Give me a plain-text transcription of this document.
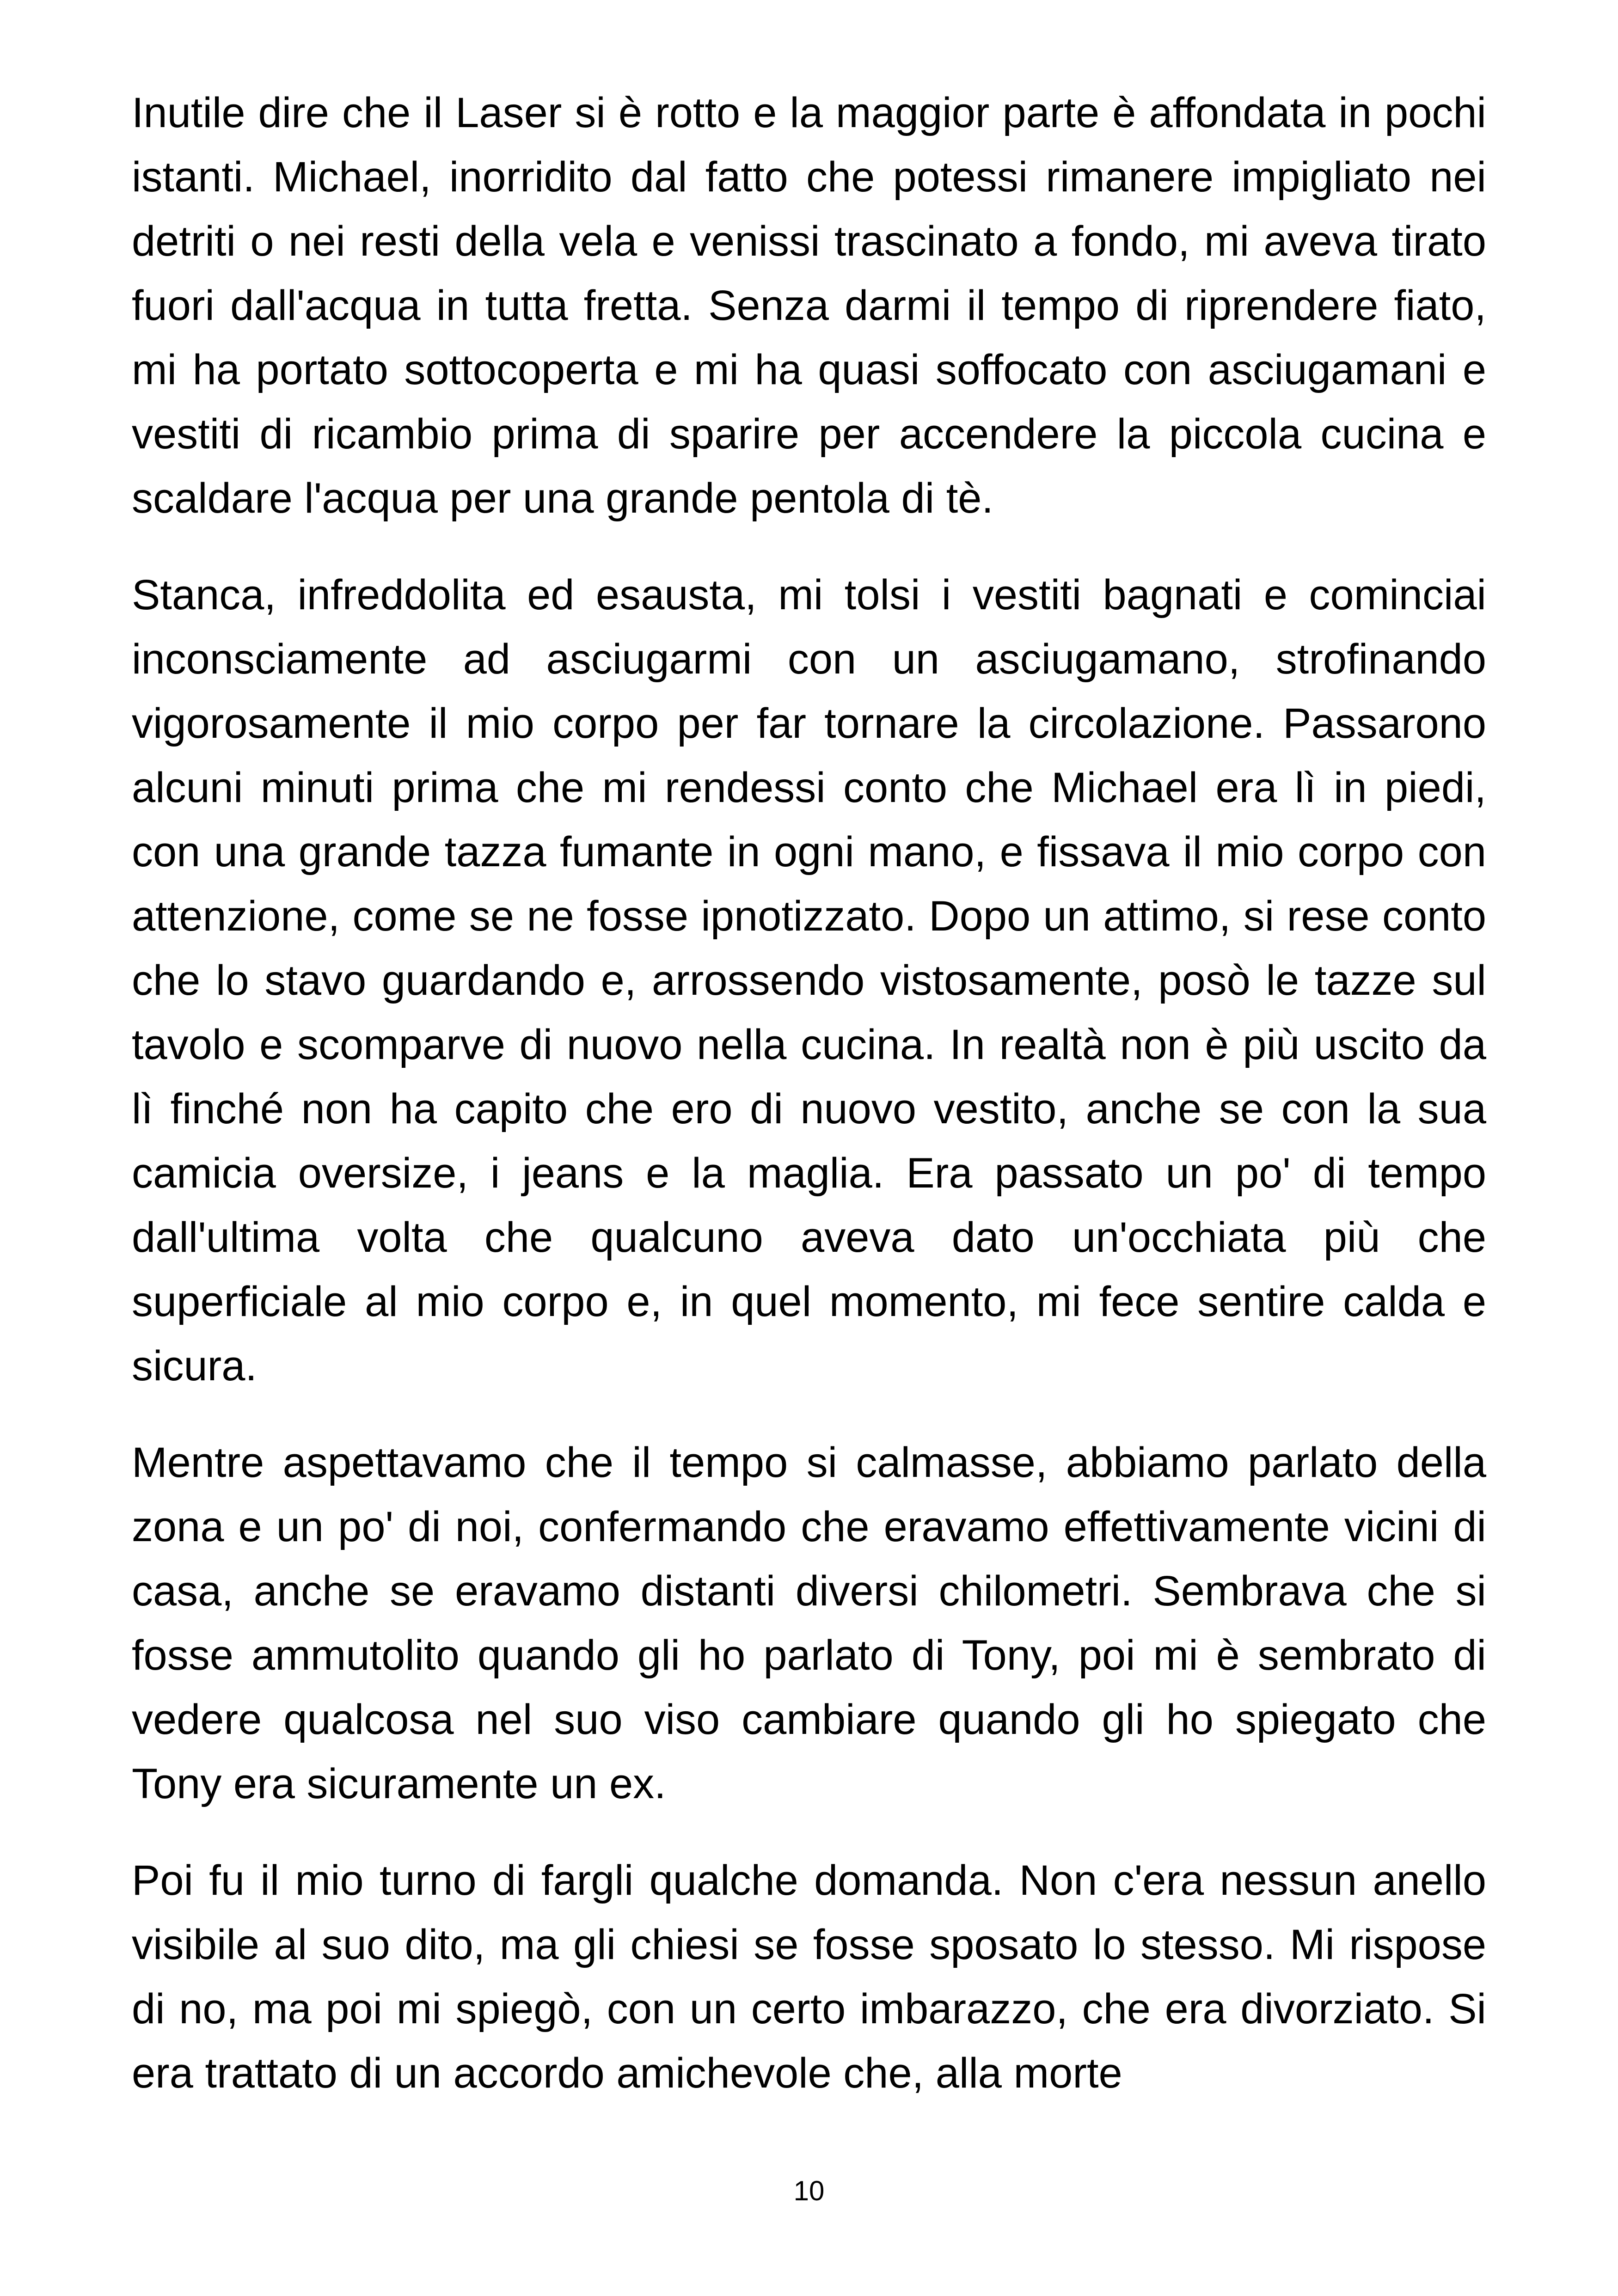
Inutile dire che il Laser si è rotto e la maggior parte è affondata in pochi istanti. Michael, inorridito dal fatto che potessi rimanere impigliato nei detriti o nei resti della vela e venissi trascinato a fondo, mi aveva tirato fuori dall'acqua in tutta fretta. Senza darmi il tempo di riprendere fiato, mi ha portato sottocoperta e mi ha quasi soffocato con asciugamani e vestiti di ricambio prima di sparire per accendere la piccola cucina e scaldare l'acqua per una grande pentola di tè.

Stanca, infreddolita ed esausta, mi tolsi i vestiti bagnati e cominciai inconsciamente ad asciugarmi con un asciugamano, strofinando vigorosamente il mio corpo per far tornare la circolazione. Passarono alcuni minuti prima che mi rendessi conto che Michael era lì in piedi, con una grande tazza fumante in ogni mano, e fissava il mio corpo con attenzione, come se ne fosse ipnotizzato. Dopo un attimo, si rese conto che lo stavo guardando e, arrossendo vistosamente, posò le tazze sul tavolo e scomparve di nuovo nella cucina. In realtà non è più uscito da lì finché non ha capito che ero di nuovo vestito, anche se con la sua camicia oversize, i jeans e la maglia. Era passato un po' di tempo dall'ultima volta che qualcuno aveva dato un'occhiata più che superficiale al mio corpo e, in quel momento, mi fece sentire calda e sicura.

Mentre aspettavamo che il tempo si calmasse, abbiamo parlato della zona e un po' di noi, confermando che eravamo effettivamente vicini di casa, anche se eravamo distanti diversi chilometri. Sembrava che si fosse ammutolito quando gli ho parlato di Tony, poi mi è sembrato di vedere qualcosa nel suo viso cambiare quando gli ho spiegato che Tony era sicuramente un ex.

Poi fu il mio turno di fargli qualche domanda. Non c'era nessun anello visibile al suo dito, ma gli chiesi se fosse sposato lo stesso. Mi rispose di no, ma poi mi spiegò, con un certo imbarazzo, che era divorziato. Si era trattato di un accordo amichevole che, alla morte

10
